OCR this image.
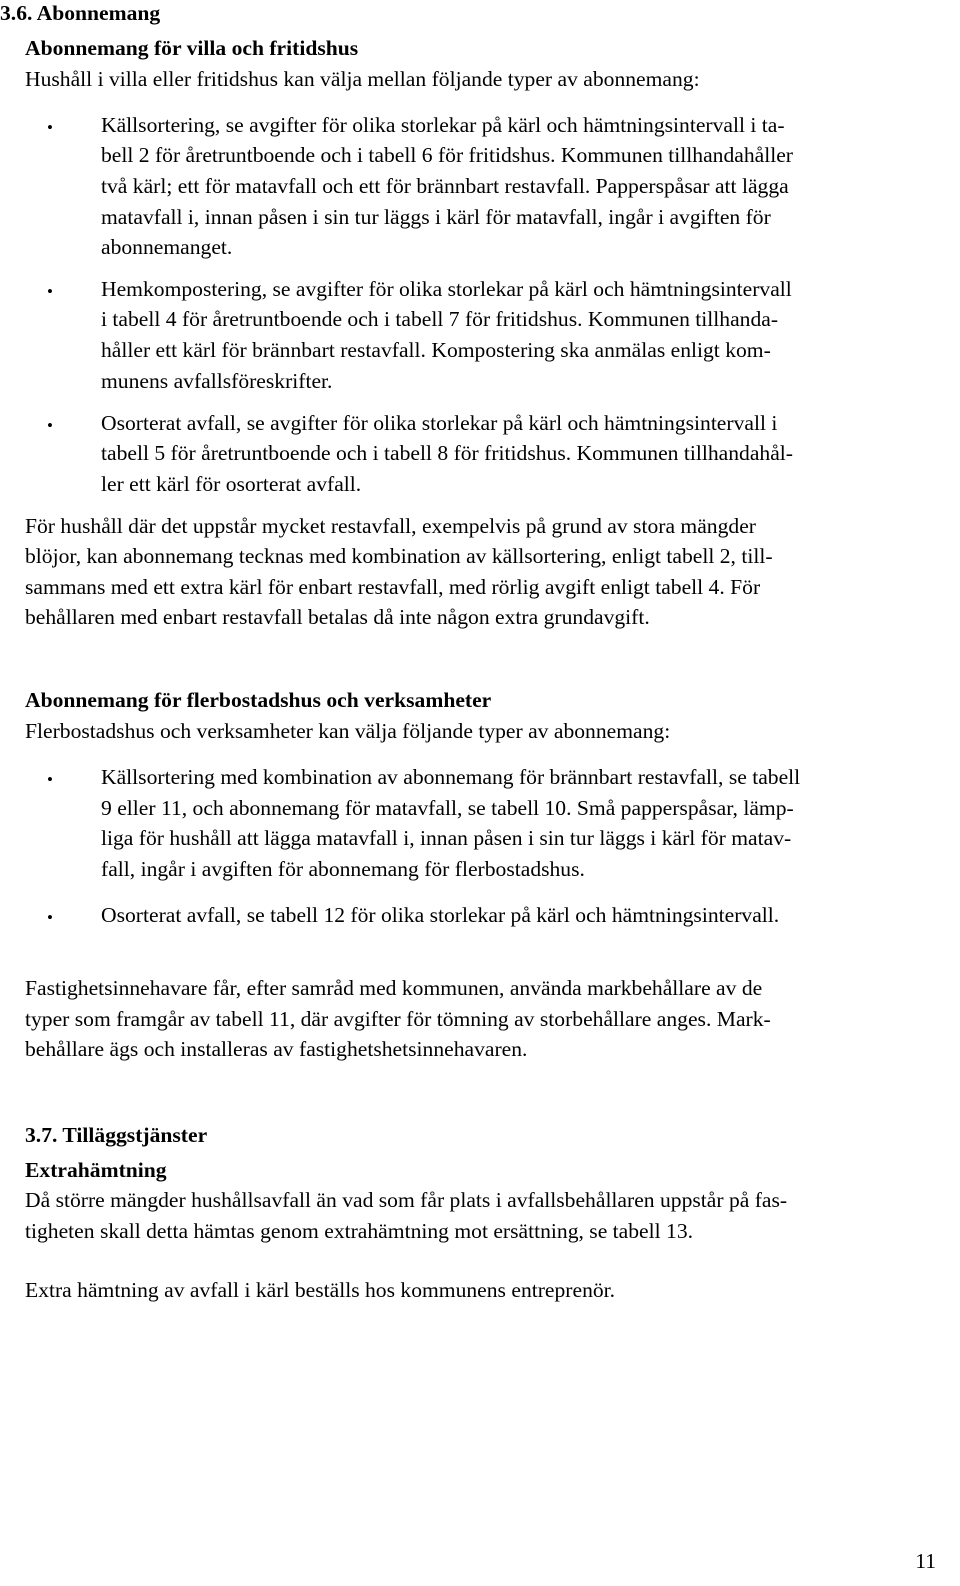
3.6. Abonnemang
Abonnemang för villa och fritidshus
Hushåll i villa eller fritidshus kan välja mellan följande typer av abonnemang:
• Källsortering, se avgifter för olika storlekar på kärl och hämtningsintervall i ta-
bell 2 för åretruntboende och i tabell 6 för fritidshus. Kommunen tillhandahåller
två kärl; ett för matavfall och ett för brännbart restavfall. Papperspåsar att lägga
matavfall i, innan påsen i sin tur läggs i kärl för matavfall, ingår i avgiften för
abonnemanget.
• Hemkompostering, se avgifter för olika storlekar på kärl och hämtningsintervall
i tabell 4 för åretruntboende och i tabell 7 för fritidshus. Kommunen tillhanda-
håller ett kärl för brännbart restavfall. Kompostering ska anmälas enligt kom-
munens avfallsföreskrifter.
• Osorterat avfall, se avgifter för olika storlekar på kärl och hämtningsintervall i
tabell 5 för åretruntboende och i tabell 8 för fritidshus. Kommunen tillhandahål-
ler ett kärl för osorterat avfall.
För hushåll där det uppstår mycket restavfall, exempelvis på grund av stora mängder
blöjor, kan abonnemang tecknas med kombination av källsortering, enligt tabell 2, till-
sammans med ett extra kärl för enbart restavfall, med rörlig avgift enligt tabell 4. För
behållaren med enbart restavfall betalas då inte någon extra grundavgift.
Abonnemang för flerbostadshus och verksamheter
Flerbostadshus och verksamheter kan välja följande typer av abonnemang:
• Källsortering med kombination av abonnemang för brännbart restavfall, se tabell
9 eller 11, och abonnemang för matavfall, se tabell 10. Små papperspåsar, lämp-
liga för hushåll att lägga matavfall i, innan påsen i sin tur läggs i kärl för matav-
fall, ingår i avgiften för abonnemang för flerbostadshus.
• Osorterat avfall, se tabell 12 för olika storlekar på kärl och hämtningsintervall.
Fastighetsinnehavare får, efter samråd med kommunen, använda markbehållare av de
typer som framgår av tabell 11, där avgifter för tömning av storbehållare anges. Mark-
behållare ägs och installeras av fastighetshetsinnehavaren.
3.7. Tilläggstjänster
Extrahämtning
Då större mängder hushållsavfall än vad som får plats i avfallsbehållaren uppstår på fas-
tigheten skall detta hämtas genom extrahämtning mot ersättning, se tabell 13.
Extra hämtning av avfall i kärl beställs hos kommunens entreprenör.
11
